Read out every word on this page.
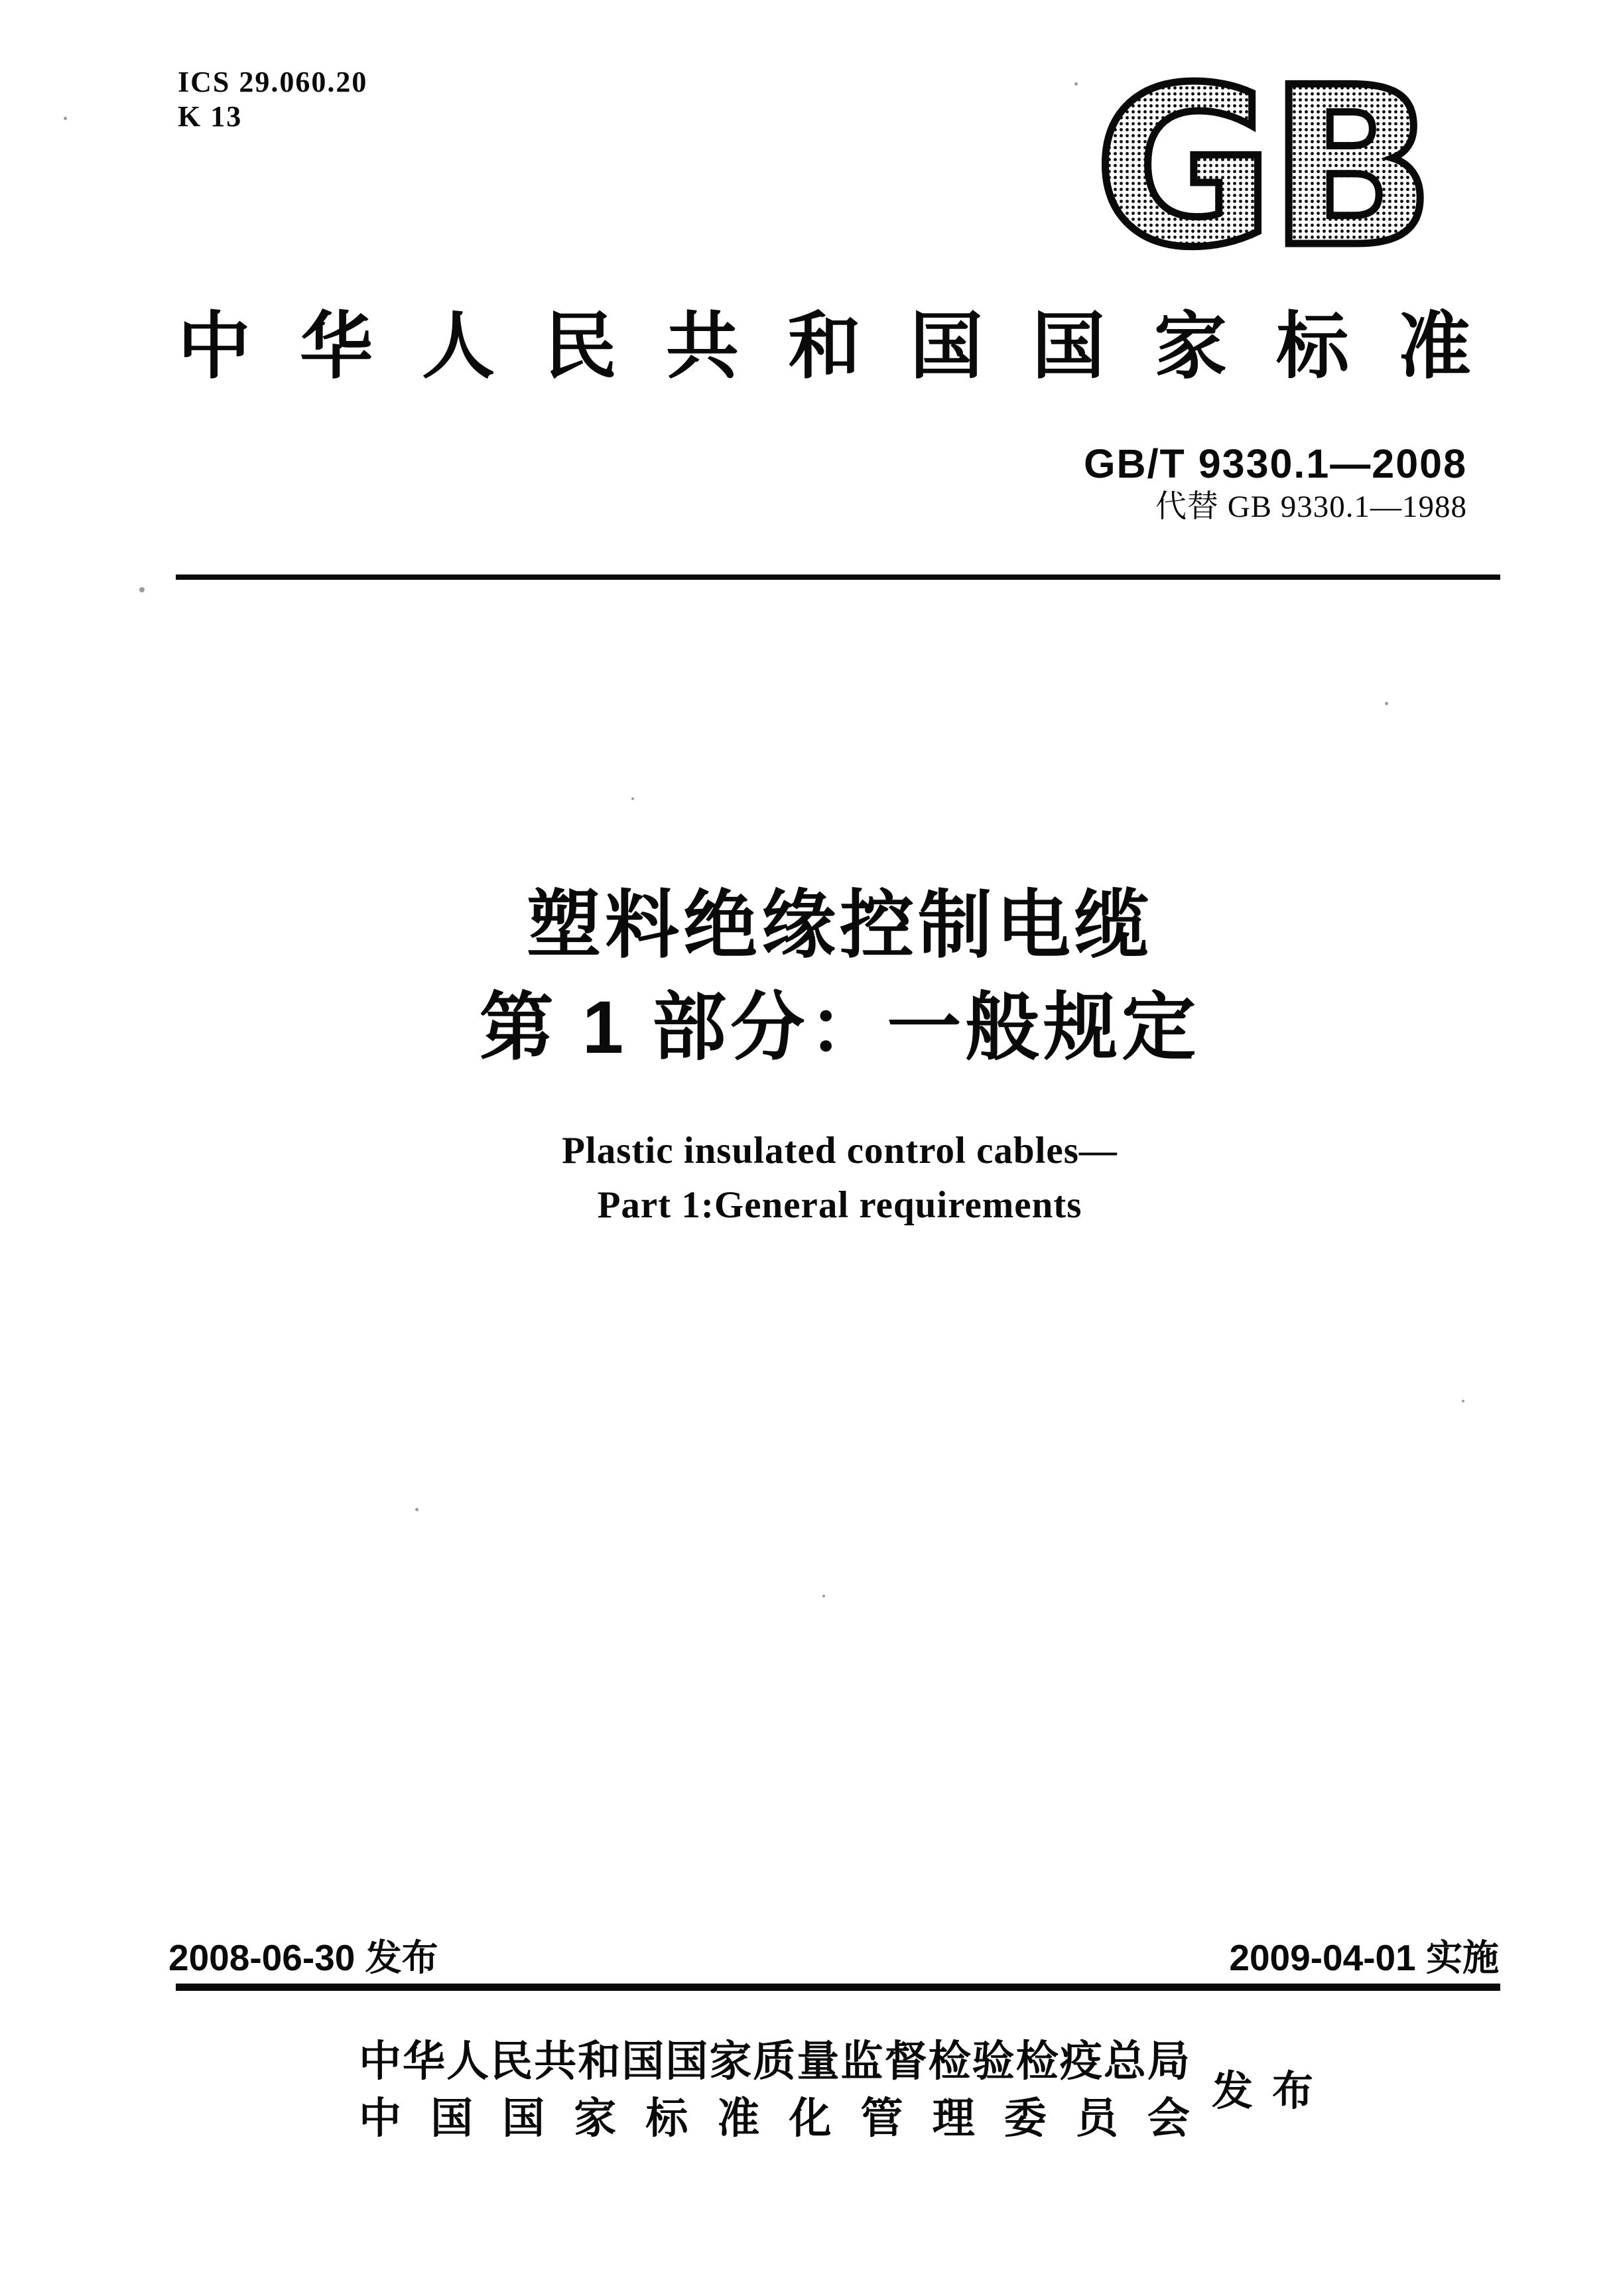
ICS 29.060.20
K 13	GB
中 华 人 民 共 和 国 国 家 标 准
GB/T 9330.1—2008
代替 GB 9330.1—1988
塑料绝缘控制电缆
第 1 部分：一般规定
Plastic insulated control cables—
Part 1:General requirements
2008-06-30 发布	2009-04-01 实施
中 华 人 民 共 和 国 国 家 质 量 监 督 检 验 检 疫 总 局
中 国 国 家 标 准 化 管 理 委 员 会
发 布
